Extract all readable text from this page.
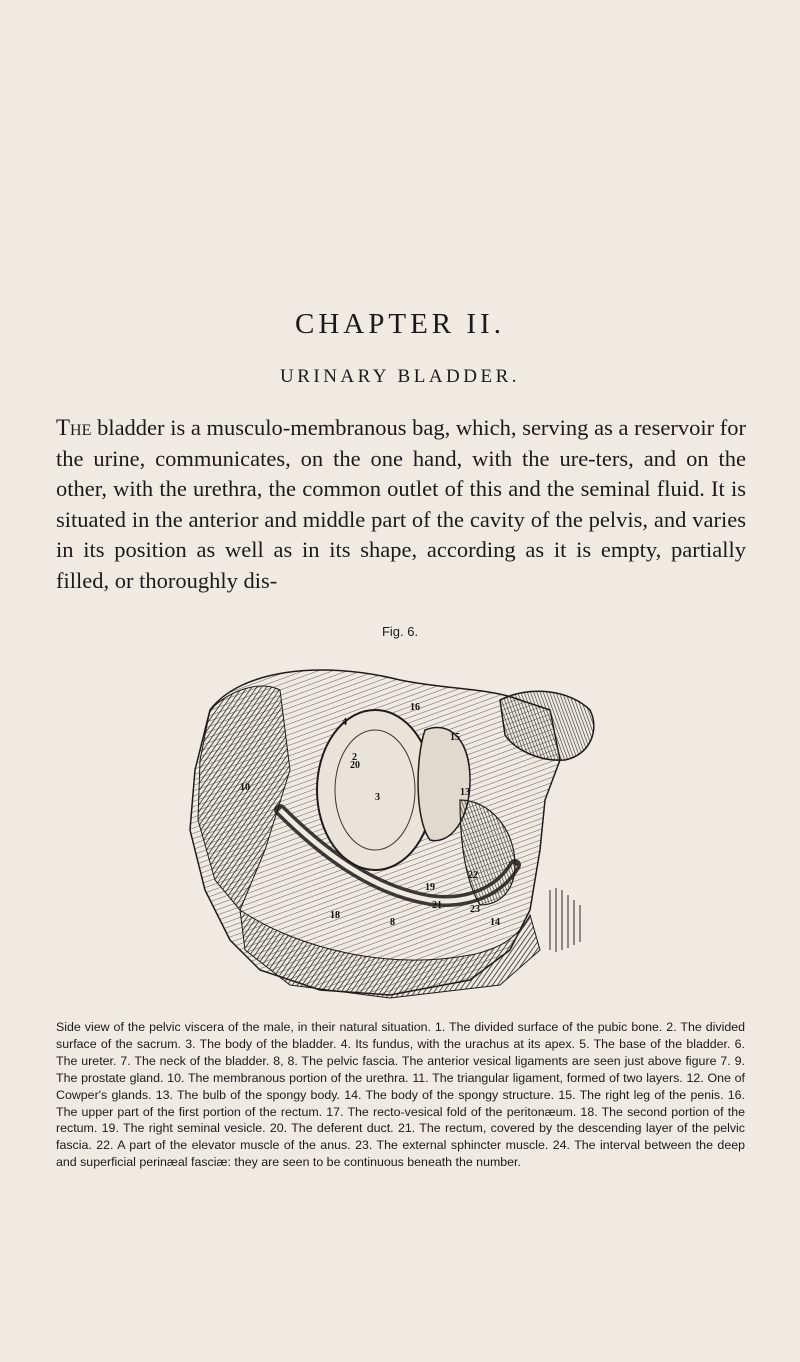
CHAPTER II.
URINARY BLADDER.
The bladder is a musculo-membranous bag, which, serving as a reservoir for the urine, communicates, on the one hand, with the ure-ters, and on the other, with the urethra, the common outlet of this and the seminal fluid. It is situated in the anterior and middle part of the cavity of the pelvis, and varies in its position as well as in its shape, according as it is empty, partially filled, or thoroughly dis-
Fig. 6.
2
3
4
8
10	13
14
15
16
18
19
20
21
22
23
Side view of the pelvic viscera of the male, in their natural situation. 1. The divided surface of the pubic bone. 2. The divided surface of the sacrum. 3. The body of the bladder. 4. Its fundus, with the urachus at its apex. 5. The base of the bladder. 6. The ureter. 7. The neck of the bladder. 8, 8. The pelvic fascia. The anterior vesical ligaments are seen just above figure 7. 9. The prostate gland. 10. The membranous portion of the urethra. 11. The triangular ligament, formed of two layers. 12. One of Cowper's glands. 13. The bulb of the spongy body. 14. The body of the spongy structure. 15. The right leg of the penis. 16. The upper part of the first portion of the rectum. 17. The recto-vesical fold of the peritonæum. 18. The second portion of the rectum. 19. The right seminal vesicle. 20. The deferent duct. 21. The rectum, covered by the descending layer of the pelvic fascia. 22. A part of the elevator muscle of the anus. 23. The external sphincter muscle. 24. The interval between the deep and superficial perinæal fasciæ: they are seen to be continuous beneath the number.
